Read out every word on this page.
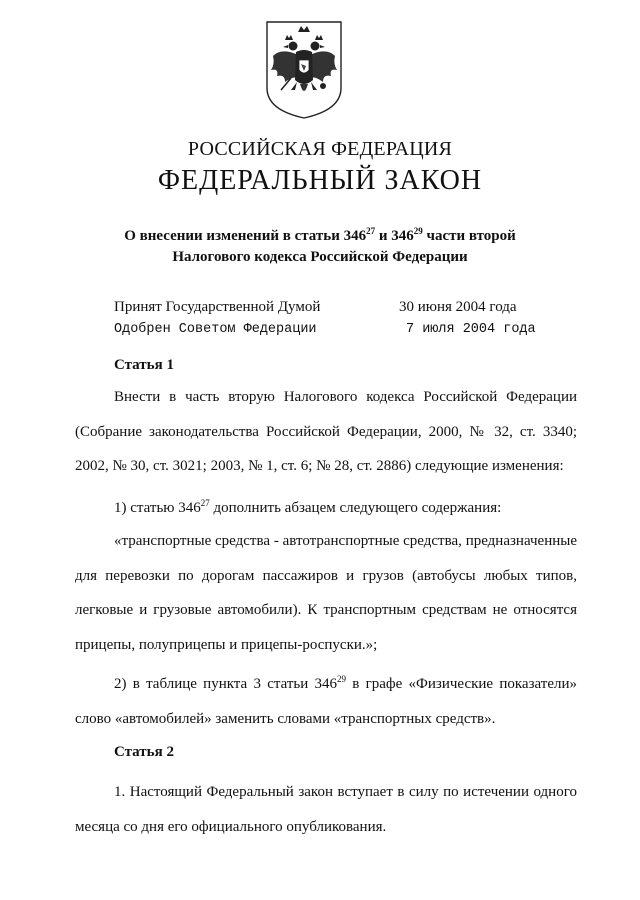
РОССИЙСКАЯ ФЕДЕРАЦИЯ
ФЕДЕРАЛЬНЫЙ ЗАКОН
О внесении изменений в статьи $346^{27}$ и $346^{29}$ части второй
Налогового кодекса Российской Федерации
Принят Государственной Думой	30 июня 2004 года
Одобрен Советом Федерации	7 июля 2004 года
Статья 1
Внести в часть вторую Налогового кодекса Российской Федерации (Собрание законодательства Российской Федерации, 2000, № 32, ст. 3340; 2002, № 30, ст. 3021; 2003, № 1, ст. 6; № 28, ст. 2886) следующие изменения:
1) статью $346^{27}$ дополнить абзацем следующего содержания:
«транспортные средства - автотранспортные средства, предназначенные для перевозки по дорогам пассажиров и грузов (автобусы любых типов, легковые и грузовые автомобили). К транспортным средствам не относятся прицепы, полуприцепы и прицепы-роспуски.»;
2) в таблице пункта 3 статьи $346^{29}$ в графе «Физические показатели» слово «автомобилей» заменить словами «транспортных средств».
Статья 2
1. Настоящий Федеральный закон вступает в силу по истечении одного месяца со дня его официального опубликования.
